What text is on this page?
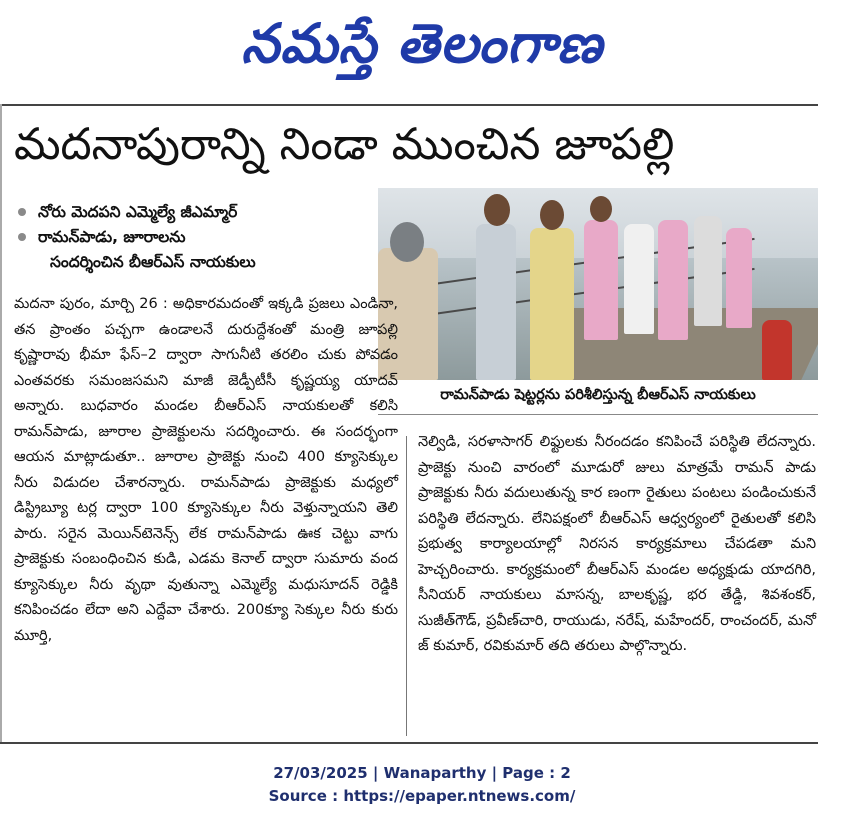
నమస్తే తెలంగాణ
మదనాపురాన్ని నిండా ముంచిన జూపల్లి
నోరు మెదపని ఎమ్మెల్యే జీఎమ్మార్
రామన్‌పాడు, జూరాలను
సందర్శించిన బీఆర్‌ఎస్ నాయకులు
రామన్‌పాడు షెట్టర్లను పరిశీలిస్తున్న బీఆర్‌ఎస్ నాయకులు

మదనా పురం, మార్చి 26 : అధికారమదంతో ఇక్కడి ప్రజలు ఎండినా, తన ప్రాంతం పచ్చగా ఉండాలనే దురుద్దేశంతో మంత్రి జూపల్లి కృష్ణారావు భీమా ఫేస్–2 ద్వారా సాగునీటి తరలిం చుకు పోవడం ఎంతవరకు సమంజసమని మాజీ జెడ్పీటీసీ కృష్ణయ్య యాదవ్ అన్నారు. బుధవారం మండల బీఆర్‌ఎస్ నాయకులతో కలిసి రామన్‌పాడు, జూరాల ప్రాజెక్టులను సదర్శించారు. ఈ సందర్భంగా ఆయన మాట్లాడుతూ.. జూరాల ప్రాజెక్టు నుంచి 400 క్యూసెక్కుల నీరు విడుదల చేశారన్నారు. రామన్‌పాడు ప్రాజెక్టుకు మధ్యలో డిస్ట్రిబ్యూ టర్ల ద్వారా 100 క్యూసెక్కుల నీరు వెళ్తున్నాయని తెలి పారు. సరైన మెయిన్‌టెనెన్స్ లేక రామన్‌పాడు ఊక చెట్టు వాగు ప్రాజెక్టుకు సంబంధించిన కుడి, ఎడమ కెనాల్ ద్వారా సుమారు వంద క్యూసెక్కుల నీరు వృథా వుతున్నా ఎమ్మెల్యే మధుసూదన్ రెడ్డికి కనిపించడం లేదా అని ఎద్దేవా చేశారు. 200క్యూ సెక్కుల నీరు కురు మూర్తి,

నెల్విడి, సరళాసాగర్ లిఫ్టులకు నీరందడం కనిపించే పరిస్థితి లేదన్నారు. ప్రాజెక్టు నుంచి వారంలో మూడురో జులు మాత్రమే రామన్ పాడు ప్రాజెక్టుకు నీరు వదులుతున్న కార ణంగా రైతులు పంటలు పండించుకునే పరిస్థితి లేదన్నారు. లేనిపక్షంలో బీఆర్‌ఎస్ ఆధ్వర్యంలో రైతులతో కలిసి ప్రభుత్వ కార్యాలయాల్లో నిరసన కార్యక్రమాలు చేపడతా మని హెచ్చరించారు. కార్యక్రమంలో బీఆర్‌ఎస్ మండల అధ్యక్షుడు యాదగిరి, సీనియర్ నాయకులు మాసన్న, బాలకృష్ణ, భర తేడ్డి, శివశంకర్, సుజీత్‌గౌడ్, ప్రవీణ్‌చారి, రాయుడు, నరేష్, మహేందర్, రాంచందర్, మనో జ్ కుమార్, రవికుమార్ తది తరులు పాల్గొన్నారు.

27/03/2025 | Wanaparthy | Page : 2
Source : https://epaper.ntnews.com/
